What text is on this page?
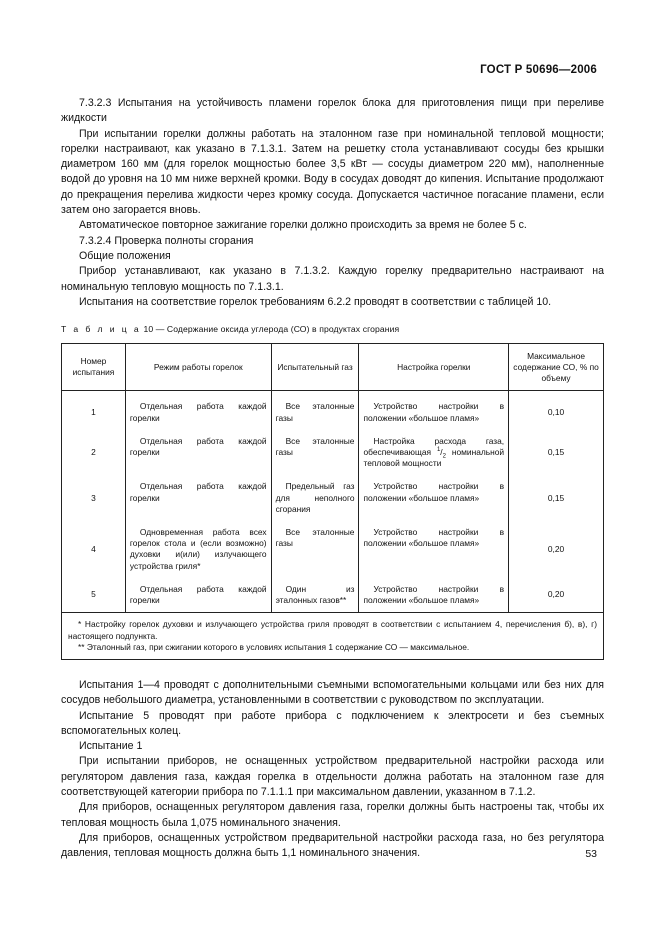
ГОСТ Р 50696—2006

7.3.2.3 Испытания на устойчивость пламени горелок блока для приготовления пищи при переливе жидкости

При испытании горелки должны работать на эталонном газе при номинальной тепловой мощности; горелки настраивают, как указано в 7.1.3.1. Затем на решетку стола устанавливают сосуды без крышки диаметром 160 мм (для горелок мощностью более 3,5 кВт — сосуды диаметром 220 мм), наполненные водой до уровня на 10 мм ниже верхней кромки. Воду в сосудах доводят до кипения. Испытание продолжают до прекращения перелива жидкости через кромку сосуда. Допускается частичное погасание пламени, если затем оно загорается вновь.

Автоматическое повторное зажигание горелки должно происходить за время не более 5 с.

7.3.2.4 Проверка полноты сгорания

Общие положения

Прибор устанавливают, как указано в 7.1.3.2. Каждую горелку предварительно настраивают на номинальную тепловую мощность по 7.1.3.1.

Испытания на соответствие горелок требованиям 6.2.2 проводят в соответствии с таблицей 10.

Т а б л и ц а 10 — Содержание оксида углерода (СО) в продуктах сгорания

Номер испытания	Режим работы горелок	Испытательный газ	Настройка горелки	Максимальное содержание СО, % по объему
1	Отдельная работа каждой горелки	Все эталонные газы	Устройство настройки в положении «большое пламя»	0,10
2	Отдельная работа каждой горелки	Все эталонные газы	Настройка расхода газа, обеспечивающая $^1/_2$ номинальной тепловой мощности	0,15
3	Отдельная работа каждой горелки	Предельный газ для неполного сгорания	Устройство настройки в положении «большое пламя»	0,15
4	Одновременная работа всех горелок стола и (если возможно) духовки и(или) излучающего устройства гриля*	Все эталонные газы	Устройство настройки в положении «большое пламя»	0,20
5	Отдельная работа каждой горелки	Один из эталонных газов**	Устройство настройки в положении «большое пламя»	0,20

* Настройку горелок духовки и излучающего устройства гриля проводят в соответствии с испытанием 4, перечисления б), в), г) настоящего подпункта.
** Эталонный газ, при сжигании которого в условиях испытания 1 содержание СО — максимальное.				

Испытания 1—4 проводят с дополнительными съемными вспомогательными кольцами или без них для сосудов небольшого диаметра, установленными в соответствии с руководством по эксплуатации.

Испытание 5 проводят при работе прибора с подключением к электросети и без съемных вспомогательных колец.

Испытание 1

При испытании приборов, не оснащенных устройством предварительной настройки расхода или регулятором давления газа, каждая горелка в отдельности должна работать на эталонном газе для соответствующей категории прибора по 7.1.1.1 при максимальном давлении, указанном в 7.1.2.

Для приборов, оснащенных регулятором давления газа, горелки должны быть настроены так, чтобы их тепловая мощность была 1,075 номинального значения.

Для приборов, оснащенных устройством предварительной настройки расхода газа, но без регулятора давления, тепловая мощность должна быть 1,1 номинального значения.	53
